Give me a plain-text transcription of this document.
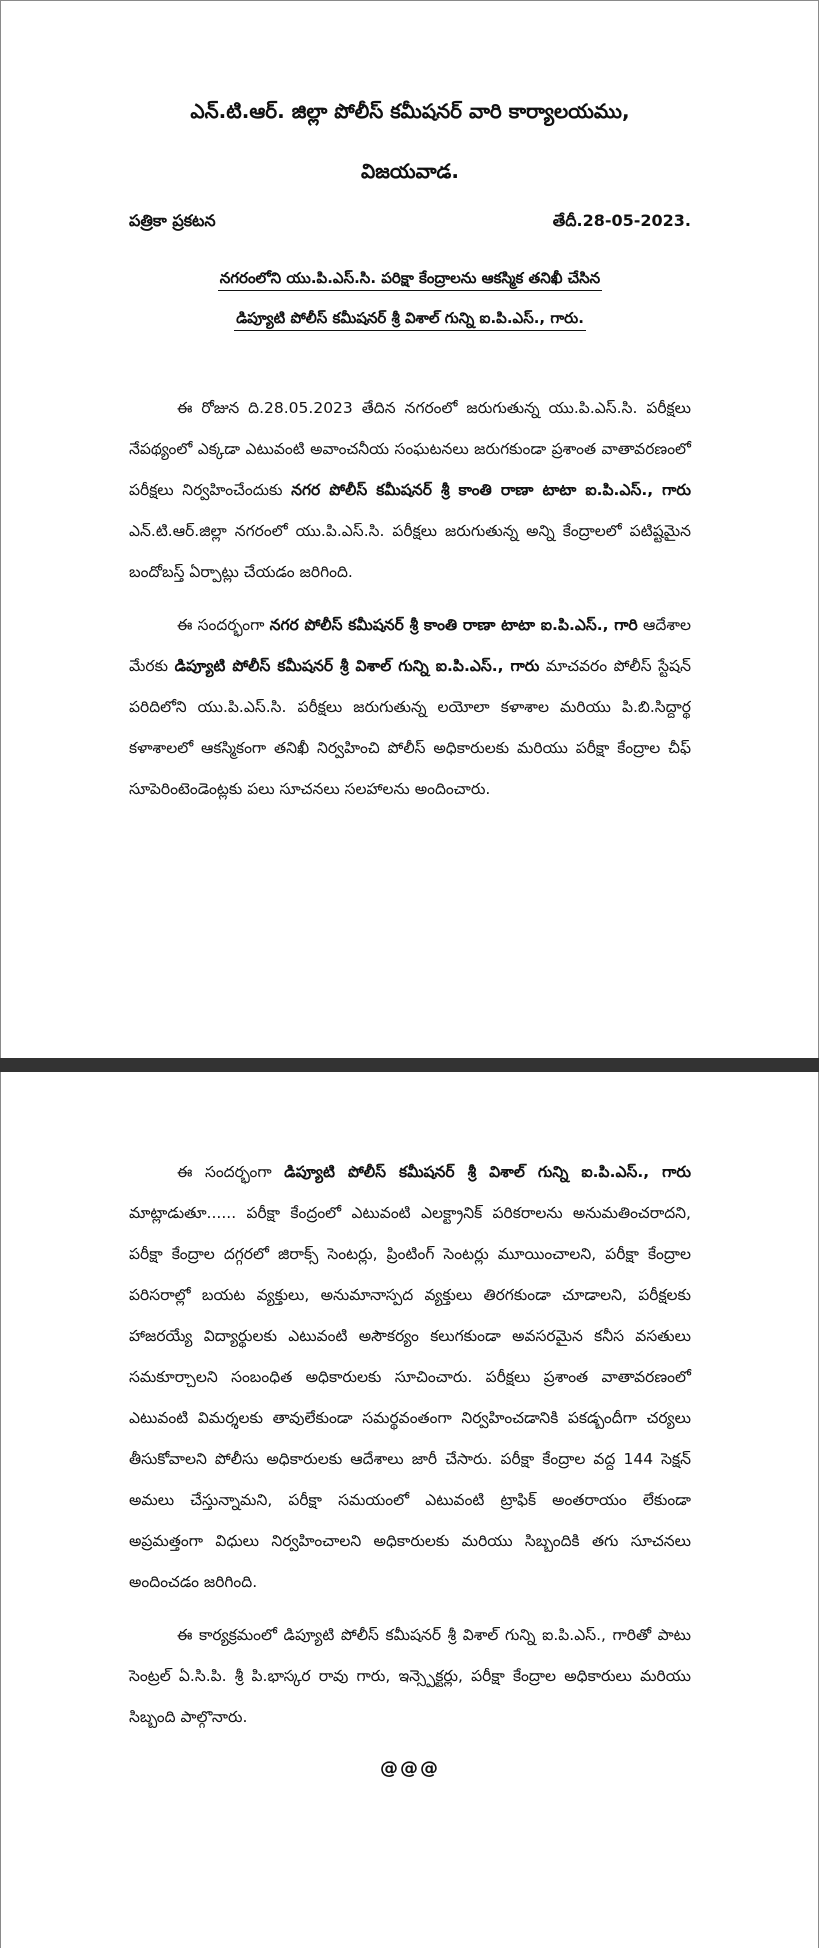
ఎన్.టి.ఆర్. జిల్లా పోలీస్ కమీషనర్ వారి కార్యాలయము,
విజయవాడ.
పత్రికా ప్రకటన	తేదీ.28-05-2023.
నగరంలోని యు.పి.ఎస్.సి. పరిక్షా కేంద్రాలను ఆకస్మిక తనిఖీ చేసిన
డిప్యూటి పోలీస్ కమీషనర్ శ్రీ విశాల్ గున్ని ఐ.పి.ఎస్., గారు.

ఈ రోజున ది.28.05.2023 తేదిన నగరంలో జరుగుతున్న యు.పి.ఎస్.సి. పరీక్షలు నేపథ్యంలో ఎక్కడా ఎటువంటి అవాంచనీయ సంఘటనలు జరుగకుండా ప్రశాంత వాతావరణంలో పరీక్షలు నిర్వహించేందుకు నగర పోలీస్ కమీషనర్ శ్రీ కాంతి రాణా టాటా ఐ.పి.ఎస్., గారు ఎన్.టి.ఆర్.జిల్లా నగరంలో యు.పి.ఎస్.సి. పరీక్షలు జరుగుతున్న అన్ని కేంద్రాలలో పటిష్టమైన బందోబస్త్ ఏర్పాట్లు చేయడం జరిగింది.

ఈ సందర్భంగా నగర పోలీస్ కమీషనర్ శ్రీ కాంతి రాణా టాటా ఐ.పి.ఎస్., గారి ఆదేశాల మేరకు డిప్యూటి పోలీస్ కమీషనర్ శ్రీ విశాల్ గున్ని ఐ.పి.ఎస్., గారు మాచవరం పోలీస్ స్టేషన్ పరిదిలోని యు.పి.ఎస్.సి. పరీక్షలు జరుగుతున్న లయోలా కళాశాల మరియు పి.బి.సిద్దార్థ కళాశాలలో ఆకస్మికంగా తనిఖీ నిర్వహించి పోలీస్ అధికారులకు మరియు పరీక్షా కేంద్రాల చీఫ్ సూపెరింటెండెంట్లకు పలు సూచనలు సలహాలను అందించారు.

ఈ సందర్భంగా డిప్యూటి పోలీస్ కమీషనర్ శ్రీ విశాల్ గున్ని ఐ.పి.ఎస్., గారు మాట్లాడుతూ...... పరీక్షా కేంద్రంలో ఎటువంటి ఎలక్ట్రానిక్ పరికరాలను అనుమతించరాదని, పరీక్షా కేంద్రాల దగ్గరలో జిరాక్స్ సెంటర్లు, ప్రింటింగ్ సెంటర్లు మూయించాలని, పరీక్షా కేంద్రాల పరిసరాల్లో బయట వ్యక్తులు, అనుమానాస్పద వ్యక్తులు తిరగకుండా చూడాలని, పరీక్షలకు హాజరయ్యే విద్యార్థులకు ఎటువంటి అసౌకర్యం కలుగకుండా అవసరమైన కనీస వసతులు సమకూర్చాలని సంబంధిత అధికారులకు సూచించారు. పరీక్షలు ప్రశాంత వాతావరణంలో ఎటువంటి విమర్శలకు తావులేకుండా సమర్థవంతంగా నిర్వహించడానికి పకడ్బందీగా చర్యలు తీసుకోవాలని పోలీసు అధికారులకు ఆదేశాలు జారీ చేసారు. పరీక్షా కేంద్రాల వద్ద 144 సెక్షన్ అమలు చేస్తున్నామని, పరీక్షా సమయంలో ఎటువంటి ట్రాఫిక్ అంతరాయం లేకుండా అప్రమత్తంగా విధులు నిర్వహించాలని అధికారులకు మరియు సిబ్బందికి తగు సూచనలు అందించడం జరిగింది.

ఈ కార్యక్రమంలో డిప్యూటి పోలీస్ కమీషనర్ శ్రీ విశాల్ గున్ని ఐ.పి.ఎస్., గారితో పాటు సెంట్రల్ ఏ.సి.పి. శ్రీ పి.భాస్కర రావు గారు, ఇన్స్పెక్టర్లు, పరీక్షా కేంద్రాల అధికారులు మరియు సిబ్బంది పాల్గొనారు.

@@@
